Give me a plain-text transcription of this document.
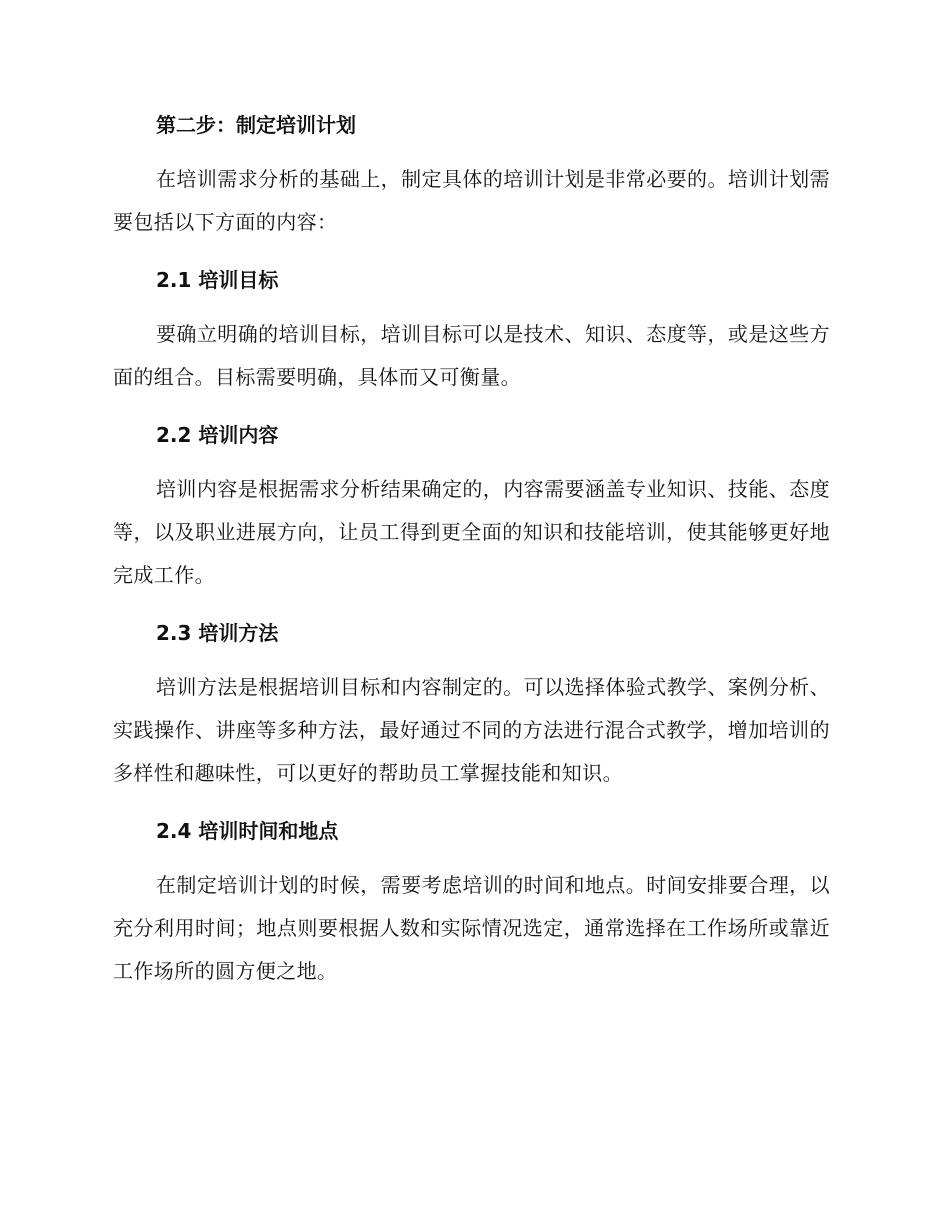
第二步：制定培训计划

在培训需求分析的基础上，制定具体的培训计划是非常必要的。培训计划需要包括以下方面的内容：

2.1 培训目标

要确立明确的培训目标，培训目标可以是技术、知识、态度等，或是这些方面的组合。目标需要明确，具体而又可衡量。

2.2 培训内容

培训内容是根据需求分析结果确定的，内容需要涵盖专业知识、技能、态度等，以及职业进展方向，让员工得到更全面的知识和技能培训，使其能够更好地完成工作。

2.3 培训方法

培训方法是根据培训目标和内容制定的。可以选择体验式教学、案例分析、实践操作、讲座等多种方法，最好通过不同的方法进行混合式教学，增加培训的多样性和趣味性，可以更好的帮助员工掌握技能和知识。

2.4 培训时间和地点

在制定培训计划的时候，需要考虑培训的时间和地点。时间安排要合理，以充分利用时间；地点则要根据人数和实际情况选定，通常选择在工作场所或靠近工作场所的圆方便之地。
